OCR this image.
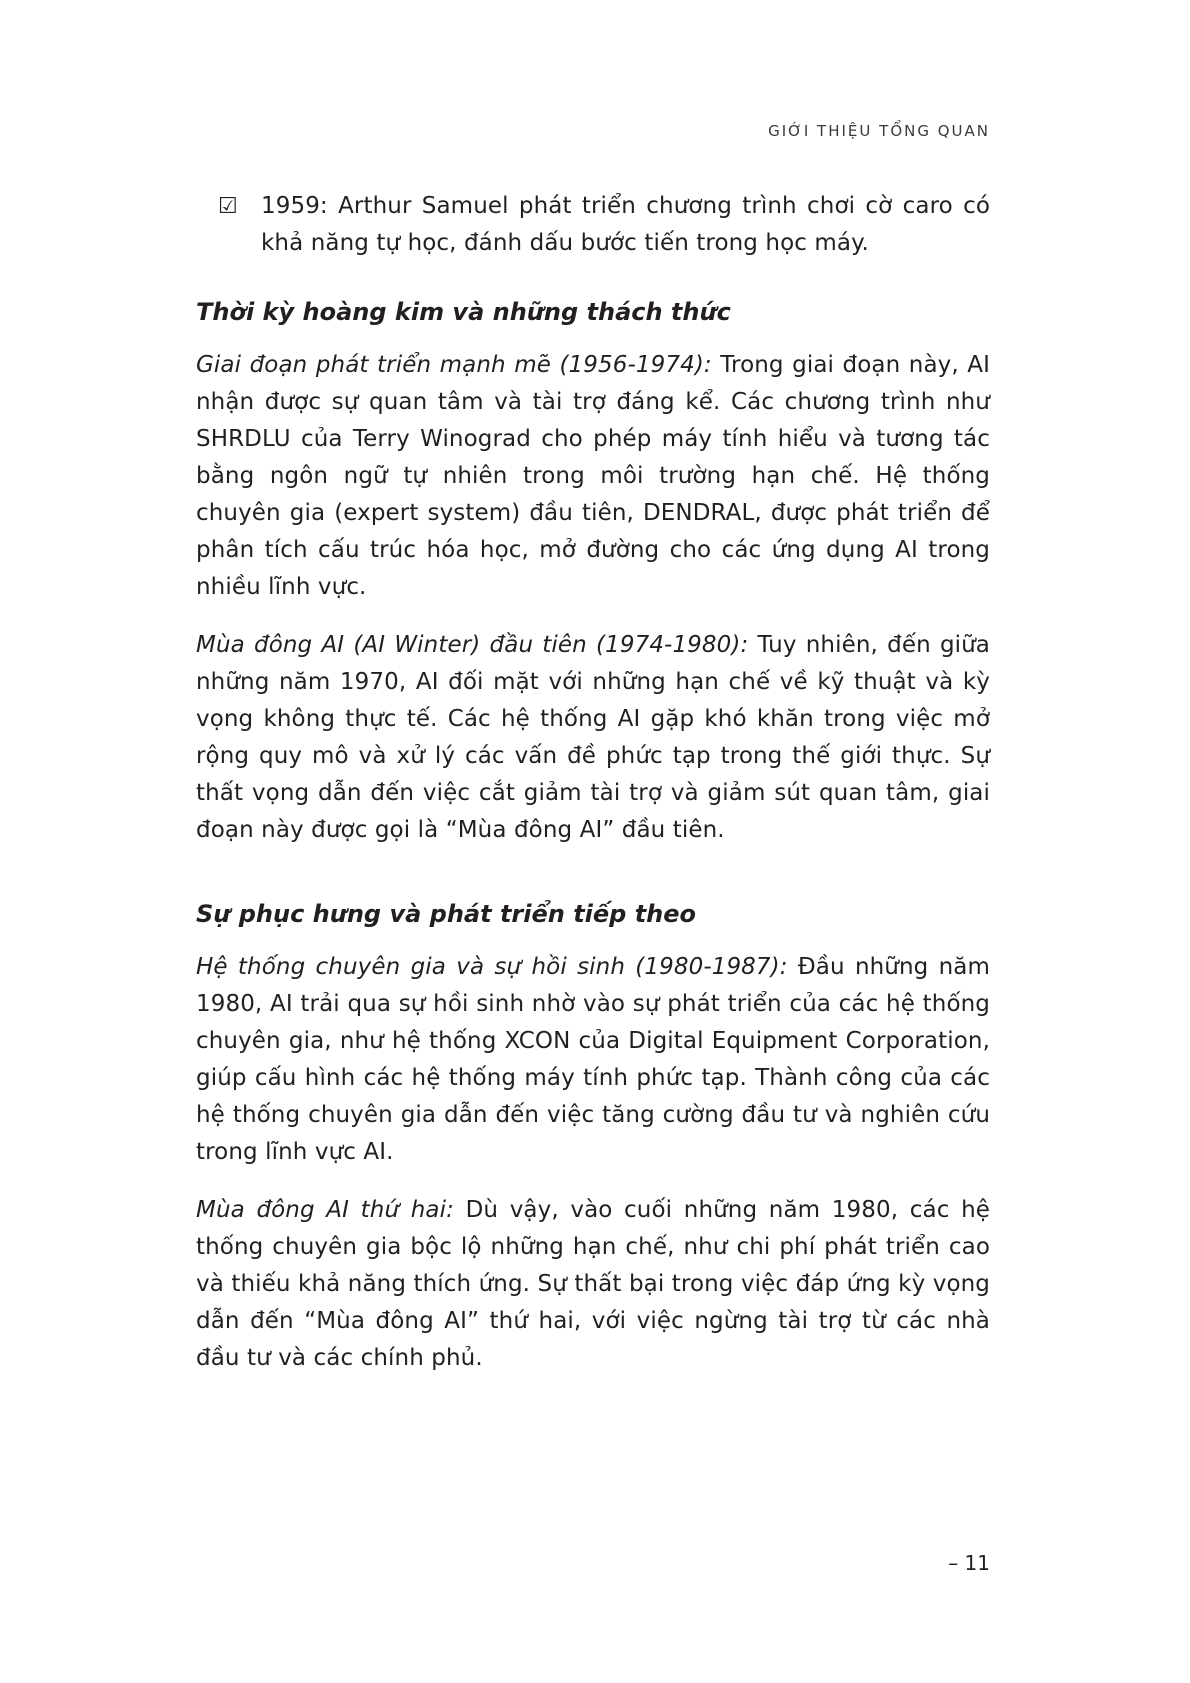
GIỚI THIỆU TỔNG QUAN

☑ 1959: Arthur Samuel phát triển chương trình chơi cờ caro có khả năng tự học, đánh dấu bước tiến trong học máy.

Thời kỳ hoàng kim và những thách thức

Giai đoạn phát triển mạnh mẽ (1956-1974): Trong giai đoạn này, AI nhận được sự quan tâm và tài trợ đáng kể. Các chương trình như SHRDLU của Terry Winograd cho phép máy tính hiểu và tương tác bằng ngôn ngữ tự nhiên trong môi trường hạn chế. Hệ thống chuyên gia (expert system) đầu tiên, DENDRAL, được phát triển để phân tích cấu trúc hóa học, mở đường cho các ứng dụng AI trong nhiều lĩnh vực.

Mùa đông AI (AI Winter) đầu tiên (1974-1980): Tuy nhiên, đến giữa những năm 1970, AI đối mặt với những hạn chế về kỹ thuật và kỳ vọng không thực tế. Các hệ thống AI gặp khó khăn trong việc mở rộng quy mô và xử lý các vấn đề phức tạp trong thế giới thực. Sự thất vọng dẫn đến việc cắt giảm tài trợ và giảm sút quan tâm, giai đoạn này được gọi là “Mùa đông AI” đầu tiên.

Sự phục hưng và phát triển tiếp theo

Hệ thống chuyên gia và sự hồi sinh (1980-1987): Đầu những năm 1980, AI trải qua sự hồi sinh nhờ vào sự phát triển của các hệ thống chuyên gia, như hệ thống XCON của Digital Equipment Corporation, giúp cấu hình các hệ thống máy tính phức tạp. Thành công của các hệ thống chuyên gia dẫn đến việc tăng cường đầu tư và nghiên cứu trong lĩnh vực AI.

Mùa đông AI thứ hai: Dù vậy, vào cuối những năm 1980, các hệ thống chuyên gia bộc lộ những hạn chế, như chi phí phát triển cao và thiếu khả năng thích ứng. Sự thất bại trong việc đáp ứng kỳ vọng dẫn đến “Mùa đông AI” thứ hai, với việc ngừng tài trợ từ các nhà đầu tư và các chính phủ.

– 11
